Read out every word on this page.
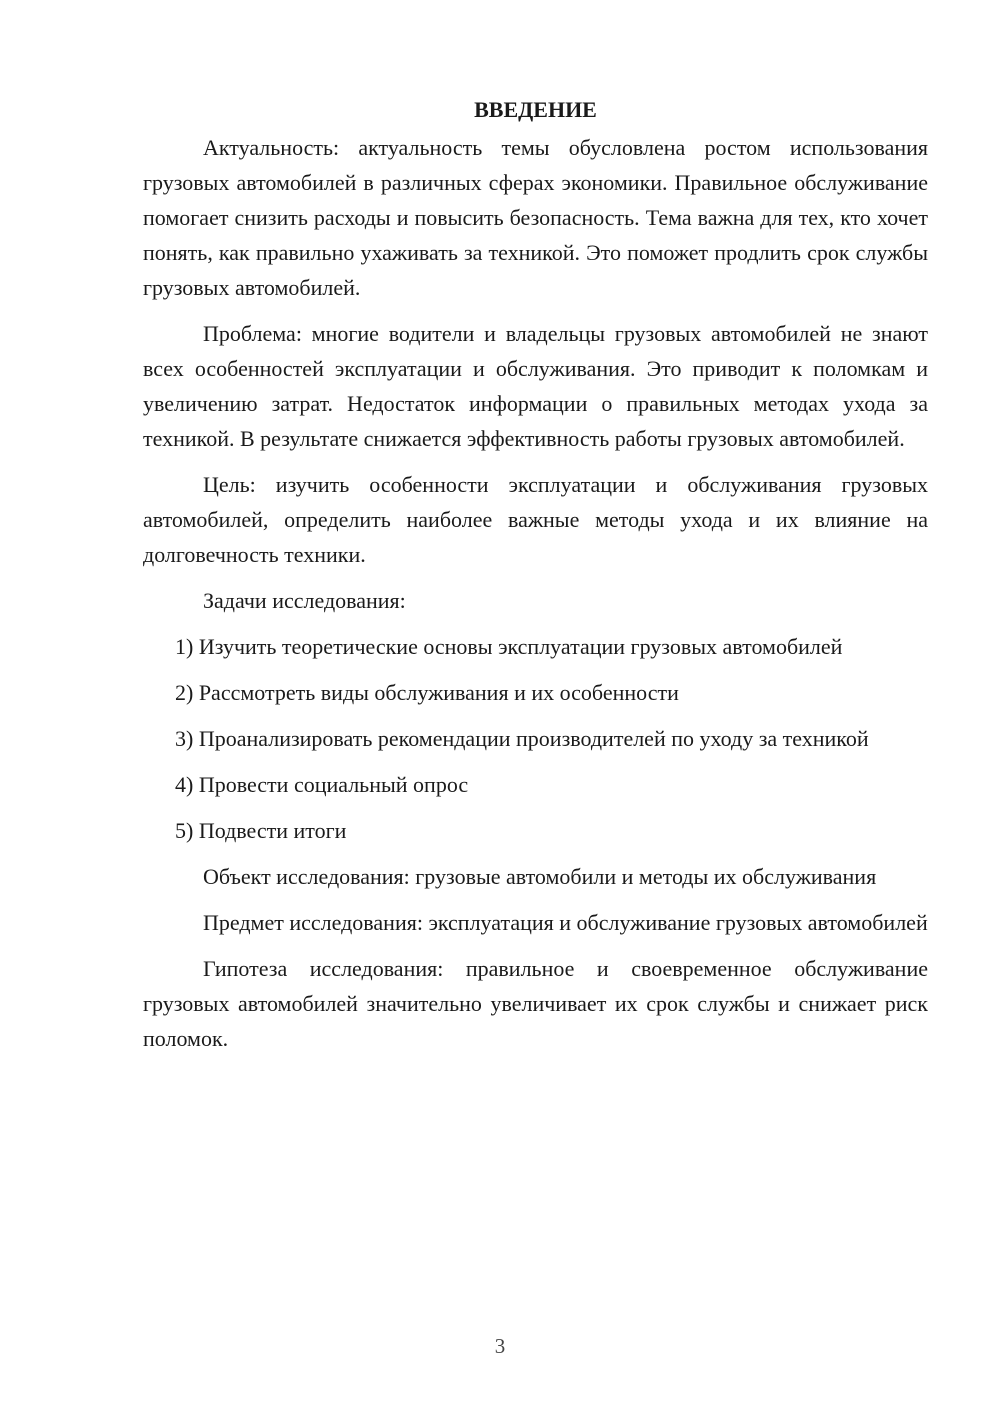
ВВЕДЕНИЕ

Актуальность: актуальность темы обусловлена ростом использования грузовых автомобилей в различных сферах экономики. Правильное обслуживание помогает снизить расходы и повысить безопасность. Тема важна для тех, кто хочет понять, как правильно ухаживать за техникой. Это поможет продлить срок службы грузовых автомобилей.

Проблема: многие водители и владельцы грузовых автомобилей не знают всех особенностей эксплуатации и обслуживания. Это приводит к поломкам и увеличению затрат. Недостаток информации о правильных методах ухода за техникой. В результате снижается эффективность работы грузовых автомобилей.

Цель: изучить особенности эксплуатации и обслуживания грузовых автомобилей, определить наиболее важные методы ухода и их влияние на долговечность техники.

Задачи исследования:

1) Изучить теоретические основы эксплуатации грузовых автомобилей

2) Рассмотреть виды обслуживания и их особенности

3) Проанализировать рекомендации производителей по уходу за техникой

4) Провести социальный опрос

5) Подвести итоги

Объект исследования: грузовые автомобили и методы их обслуживания

Предмет исследования: эксплуатация и обслуживание грузовых автомобилей

Гипотеза исследования: правильное и своевременное обслуживание грузовых автомобилей значительно увеличивает их срок службы и снижает риск поломок.

3
